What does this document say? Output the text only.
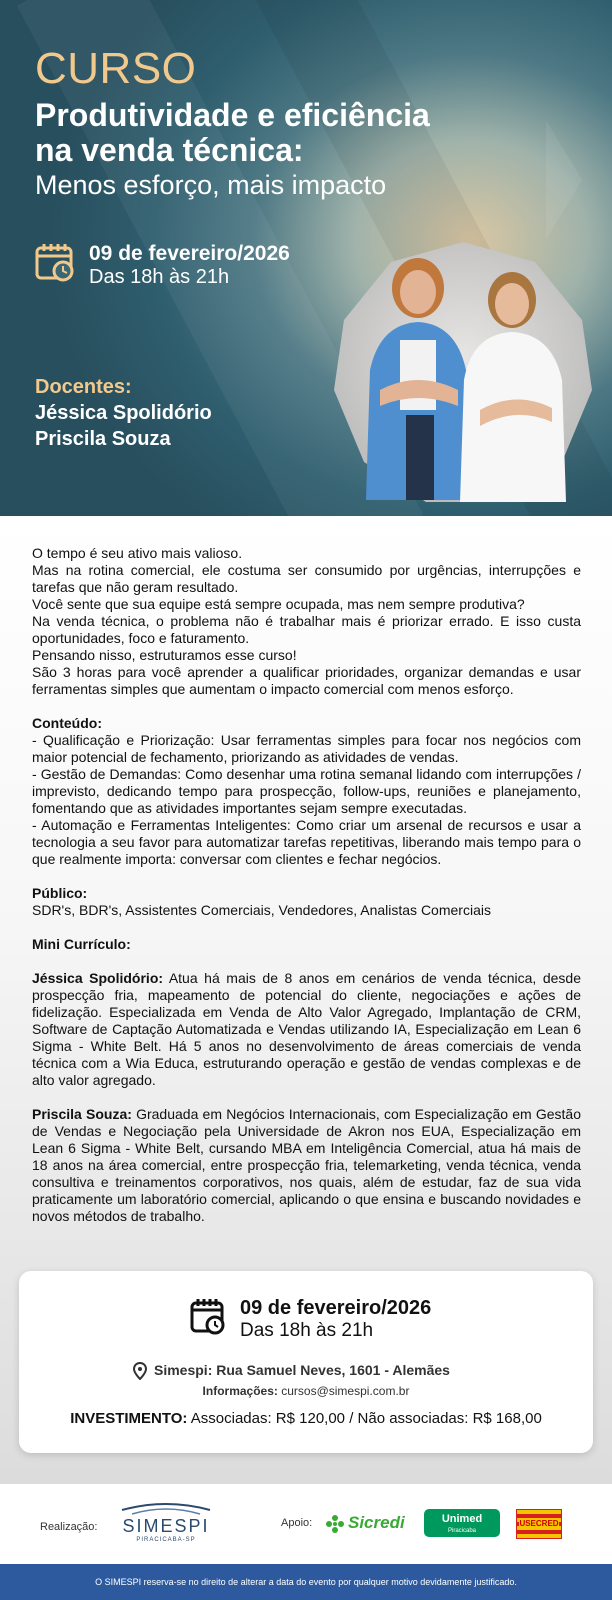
CURSO
Produtividade e eficiência
na venda técnica:
Menos esforço, mais impacto
09 de fevereiro/2026
Das 18h às 21h
Docentes:
Jéssica Spolidório
Priscila Souza

O tempo é seu ativo mais valioso.

Mas na rotina comercial, ele costuma ser consumido por urgências, interrupções e tarefas que não geram resultado.

Você sente que sua equipe está sempre ocupada, mas nem sempre produtiva?

Na venda técnica, o problema não é trabalhar mais é priorizar errado. E isso custa oportunidades, foco e faturamento.

Pensando nisso, estruturamos esse curso!

São 3 horas para você aprender a qualificar prioridades, organizar demandas e usar ferramentas simples que aumentam o impacto comercial com menos esforço.

Conteúdo:

- Qualificação e Priorização: Usar ferramentas simples para focar nos negócios com maior potencial de fechamento, priorizando as atividades de vendas.

- Gestão de Demandas: Como desenhar uma rotina semanal lidando com interrupções / imprevisto, dedicando tempo para prospecção, follow-ups, reuniões e planejamento, fomentando que as atividades importantes sejam sempre executadas.

- Automação e Ferramentas Inteligentes: Como criar um arsenal de recursos e usar a tecnologia a seu favor para automatizar tarefas repetitivas, liberando mais tempo para o que realmente importa: conversar com clientes e fechar negócios.

Público:

SDR's, BDR's, Assistentes Comerciais, Vendedores, Analistas Comerciais

Mini Currículo:

Jéssica Spolidório: Atua há mais de 8 anos em cenários de venda técnica, desde prospecção fria, mapeamento de potencial do cliente, negociações e ações de fidelização. Especializada em Venda de Alto Valor Agregado, Implantação de CRM, Software de Captação Automatizada e Vendas utilizando IA, Especialização em Lean 6 Sigma - White Belt. Há 5 anos no desenvolvimento de áreas comerciais de venda técnica com a Wia Educa, estruturando operação e gestão de vendas complexas e de alto valor agregado.

Priscila Souza: Graduada em Negócios Internacionais, com Especialização em Gestão de Vendas e Negociação pela Universidade de Akron nos EUA, Especialização em Lean 6 Sigma - White Belt, cursando MBA em Inteligência Comercial, atua há mais de 18 anos na área comercial, entre prospecção fria, telemarketing, venda técnica, venda consultiva e treinamentos corporativos, nos quais, além de estudar, faz de sua vida praticamente um laboratório comercial, aplicando o que ensina e buscando novidades e novos métodos de trabalho.

09 de fevereiro/2026
Das 18h às 21h
Simespi: Rua Samuel Neves, 1601 - Alemães
Informações: cursos@simespi.com.br
INVESTIMENTO: Associadas: R$ 120,00 / Não associadas: R$ 168,00
Realização: SIMESPI
PIRACICABA-SP
Apoio: Sicredi	Unimed
Piracicaba
USECRED
O SIMESPI reserva-se no direito de alterar a data do evento por qualquer motivo devidamente justificado.
